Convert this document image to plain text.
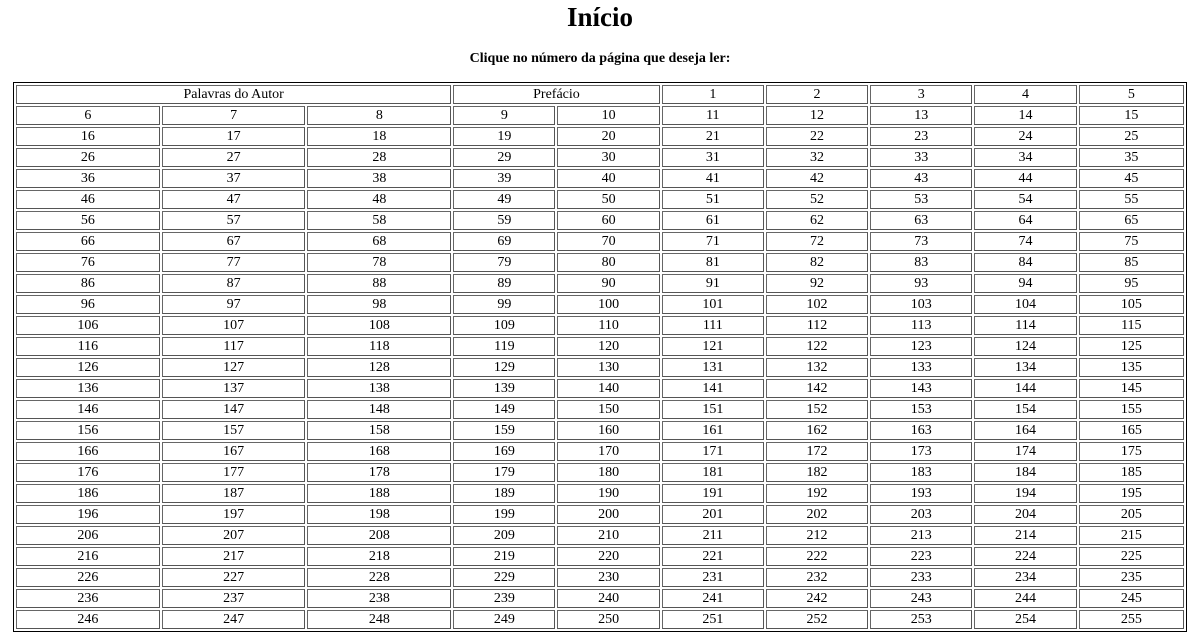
Início

Clique no número da página que deseja ler:

Palavras do Autor			Prefácio		1	2	3	4	5
6	7	8	9	10	11	12	13	14	15
16	17	18	19	20	21	22	23	24	25
26	27	28	29	30	31	32	33	34	35
36	37	38	39	40	41	42	43	44	45
46	47	48	49	50	51	52	53	54	55
56	57	58	59	60	61	62	63	64	65
66	67	68	69	70	71	72	73	74	75
76	77	78	79	80	81	82	83	84	85
86	87	88	89	90	91	92	93	94	95
96	97	98	99	100	101	102	103	104	105
106	107	108	109	110	111	112	113	114	115
116	117	118	119	120	121	122	123	124	125
126	127	128	129	130	131	132	133	134	135
136	137	138	139	140	141	142	143	144	145
146	147	148	149	150	151	152	153	154	155
156	157	158	159	160	161	162	163	164	165
166	167	168	169	170	171	172	173	174	175
176	177	178	179	180	181	182	183	184	185
186	187	188	189	190	191	192	193	194	195
196	197	198	199	200	201	202	203	204	205
206	207	208	209	210	211	212	213	214	215
216	217	218	219	220	221	222	223	224	225
226	227	228	229	230	231	232	233	234	235
236	237	238	239	240	241	242	243	244	245
246	247	248	249	250	251	252	253	254	255
